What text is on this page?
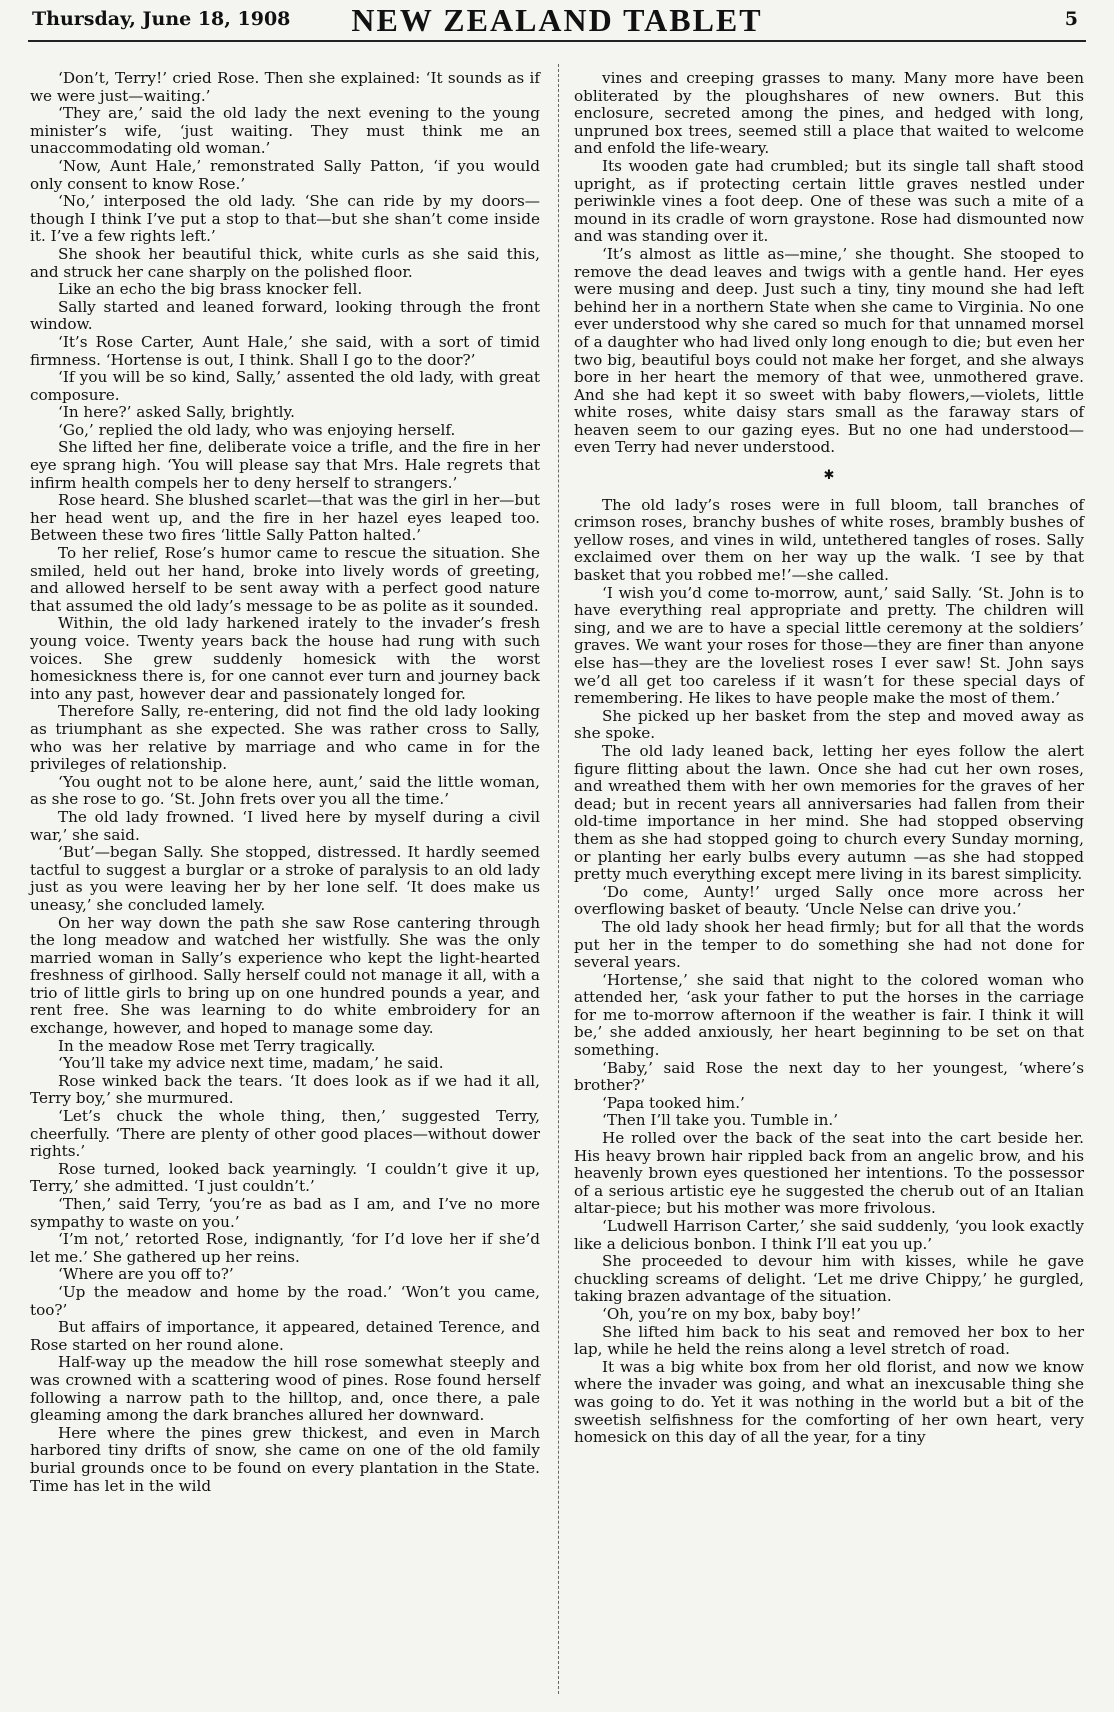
Thursday, June 18, 1908	NEW ZEALAND TABLET	5

‘Don’t, Terry!’ cried Rose. Then she explained: ‘It sounds as if we were just—waiting.’

‘They are,’ said the old lady the next evening to the young minister’s wife, ‘just waiting. They must think me an unaccommodating old woman.’

‘Now, Aunt Hale,’ remonstrated Sally Patton, ‘if you would only consent to know Rose.’

‘No,’ interposed the old lady. ‘She can ride by my doors—though I think I’ve put a stop to that—but she shan’t come inside it. I’ve a few rights left.’

She shook her beautiful thick, white curls as she said this, and struck her cane sharply on the polished floor.

Like an echo the big brass knocker fell.

Sally started and leaned forward, looking through the front window.

‘It’s Rose Carter, Aunt Hale,’ she said, with a sort of timid firmness. ‘Hortense is out, I think. Shall I go to the door?’

‘If you will be so kind, Sally,’ assented the old lady, with great composure.

‘In here?’ asked Sally, brightly.

‘Go,’ replied the old lady, who was enjoying herself.

She lifted her fine, deliberate voice a trifle, and the fire in her eye sprang high. ‘You will please say that Mrs. Hale regrets that infirm health compels her to deny herself to strangers.’

Rose heard. She blushed scarlet—that was the girl in her—but her head went up, and the fire in her hazel eyes leaped too. Between these two fires ‘little Sally Patton halted.’

To her relief, Rose’s humor came to rescue the situation. She smiled, held out her hand, broke into lively words of greeting, and allowed herself to be sent away with a perfect good nature that assumed the old lady’s message to be as polite as it sounded.

Within, the old lady harkened irately to the invader’s fresh young voice. Twenty years back the house had rung with such voices. She grew suddenly homesick with the worst homesickness there is, for one cannot ever turn and journey back into any past, however dear and passionately longed for.

Therefore Sally, re-entering, did not find the old lady looking as triumphant as she expected. She was rather cross to Sally, who was her relative by marriage and who came in for the privileges of relationship.

‘You ought not to be alone here, aunt,’ said the little woman, as she rose to go. ‘St. John frets over you all the time.’

The old lady frowned. ‘I lived here by myself during a civil war,’ she said.

‘But’—began Sally. She stopped, distressed. It hardly seemed tactful to suggest a burglar or a stroke of paralysis to an old lady just as you were leaving her by her lone self. ‘It does make us uneasy,’ she concluded lamely.

On her way down the path she saw Rose cantering through the long meadow and watched her wistfully. She was the only married woman in Sally’s experience who kept the light-hearted freshness of girlhood. Sally herself could not manage it all, with a trio of little girls to bring up on one hundred pounds a year, and rent free. She was learning to do white embroidery for an exchange, however, and hoped to manage some day.

In the meadow Rose met Terry tragically.

‘You’ll take my advice next time, madam,’ he said.

Rose winked back the tears. ‘It does look as if we had it all, Terry boy,’ she murmured.

‘Let’s chuck the whole thing, then,’ suggested Terry, cheerfully. ‘There are plenty of other good places—without dower rights.’

Rose turned, looked back yearningly. ‘I couldn’t give it up, Terry,’ she admitted. ‘I just couldn’t.’

‘Then,’ said Terry, ‘you’re as bad as I am, and I’ve no more sympathy to waste on you.’

‘I’m not,’ retorted Rose, indignantly, ‘for I’d love her if she’d let me.’ She gathered up her reins.

‘Where are you off to?’

‘Up the meadow and home by the road.’ ‘Won’t you came, too?’

But affairs of importance, it appeared, detained Terence, and Rose started on her round alone.

Half-way up the meadow the hill rose somewhat steeply and was crowned with a scattering wood of pines. Rose found herself following a narrow path to the hilltop, and, once there, a pale gleaming among the dark branches allured her downward.

Here where the pines grew thickest, and even in March harbored tiny drifts of snow, she came on one of the old family burial grounds once to be found on every plantation in the State. Time has let in the wild

vines and creeping grasses to many. Many more have been obliterated by the ploughshares of new owners. But this enclosure, secreted among the pines, and hedged with long, unpruned box trees, seemed still a place that waited to welcome and enfold the life-weary.

Its wooden gate had crumbled; but its single tall shaft stood upright, as if protecting certain little graves nestled under periwinkle vines a foot deep. One of these was such a mite of a mound in its cradle of worn graystone. Rose had dismounted now and was standing over it.

‘It’s almost as little as—mine,’ she thought. She stooped to remove the dead leaves and twigs with a gentle hand. Her eyes were musing and deep. Just such a tiny, tiny mound she had left behind her in a northern State when she came to Virginia. No one ever understood why she cared so much for that unnamed morsel of a daughter who had lived only long enough to die; but even her two big, beautiful boys could not make her forget, and she always bore in her heart the memory of that wee, unmothered grave. And she had kept it so sweet with baby flowers,—violets, little white roses, white daisy stars small as the faraway stars of heaven seem to our gazing eyes. But no one had understood—even Terry had never understood.

✱

The old lady’s roses were in full bloom, tall branches of crimson roses, branchy bushes of white roses, brambly bushes of yellow roses, and vines in wild, untethered tangles of roses. Sally exclaimed over them on her way up the walk. ‘I see by that basket that you robbed me!’—she called.

‘I wish you’d come to-morrow, aunt,’ said Sally. ‘St. John is to have everything real appropriate and pretty. The children will sing, and we are to have a special little ceremony at the soldiers’ graves. We want your roses for those—they are finer than anyone else has—they are the loveliest roses I ever saw! St. John says we’d all get too careless if it wasn’t for these special days of remembering. He likes to have people make the most of them.’

She picked up her basket from the step and moved away as she spoke.

The old lady leaned back, letting her eyes follow the alert figure flitting about the lawn. Once she had cut her own roses, and wreathed them with her own memories for the graves of her dead; but in recent years all anniversaries had fallen from their old-time importance in her mind. She had stopped observing them as she had stopped going to church every Sunday morning, or planting her early bulbs every autumn —as she had stopped pretty much everything except mere living in its barest simplicity.

‘Do come, Aunty!’ urged Sally once more across her overflowing basket of beauty. ‘Uncle Nelse can drive you.’

The old lady shook her head firmly; but for all that the words put her in the temper to do something she had not done for several years.

‘Hortense,’ she said that night to the colored woman who attended her, ‘ask your father to put the horses in the carriage for me to-morrow afternoon if the weather is fair. I think it will be,’ she added anxiously, her heart beginning to be set on that something.

‘Baby,’ said Rose the next day to her youngest, ‘where’s brother?’

‘Papa tooked him.’

‘Then I’ll take you. Tumble in.’

He rolled over the back of the seat into the cart beside her. His heavy brown hair rippled back from an angelic brow, and his heavenly brown eyes questioned her intentions. To the possessor of a serious artistic eye he suggested the cherub out of an Italian altar-piece; but his mother was more frivolous.

‘Ludwell Harrison Carter,’ she said suddenly, ‘you look exactly like a delicious bonbon. I think I’ll eat you up.’

She proceeded to devour him with kisses, while he gave chuckling screams of delight. ‘Let me drive Chippy,’ he gurgled, taking brazen advantage of the situation.

‘Oh, you’re on my box, baby boy!’

She lifted him back to his seat and removed her box to her lap, while he held the reins along a level stretch of road.

It was a big white box from her old florist, and now we know where the invader was going, and what an inexcusable thing she was going to do. Yet it was nothing in the world but a bit of the sweetish selfishness for the comforting of her own heart, very homesick on this day of all the year, for a tiny
